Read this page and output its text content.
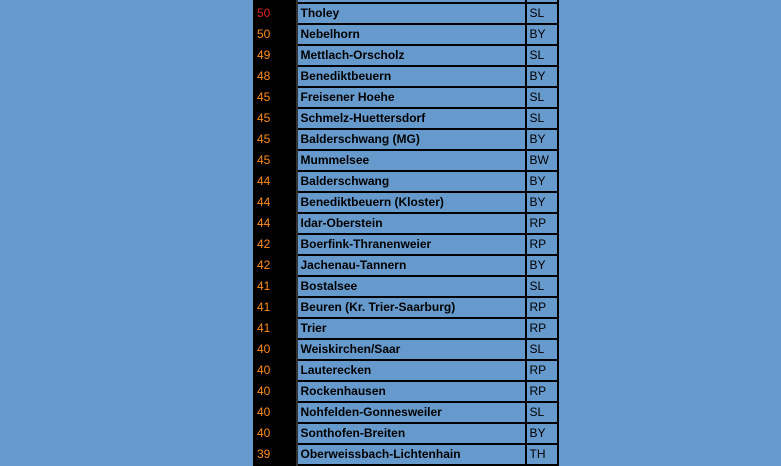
50	Tholey	SL
50	Nebelhorn	BY
49	Mettlach-Orscholz	SL
48	Benediktbeuern	BY
45	Freisener Hoehe	SL
45	Schmelz-Huettersdorf	SL
45	Balderschwang (MG)	BY
45	Mummelsee	BW
44	Balderschwang	BY
44	Benediktbeuern (Kloster)	BY
44	Idar-Oberstein	RP
42	Boerfink-Thranenweier	RP
42	Jachenau-Tannern	BY
41	Bostalsee	SL
41	Beuren (Kr. Trier-Saarburg)	RP
41	Trier	RP
40	Weiskirchen/Saar	SL
40	Lauterecken	RP
40	Rockenhausen	RP
40	Nohfelden-Gonnesweiler	SL
40	Sonthofen-Breiten	BY
39	Oberweissbach-Lichtenhain	TH
